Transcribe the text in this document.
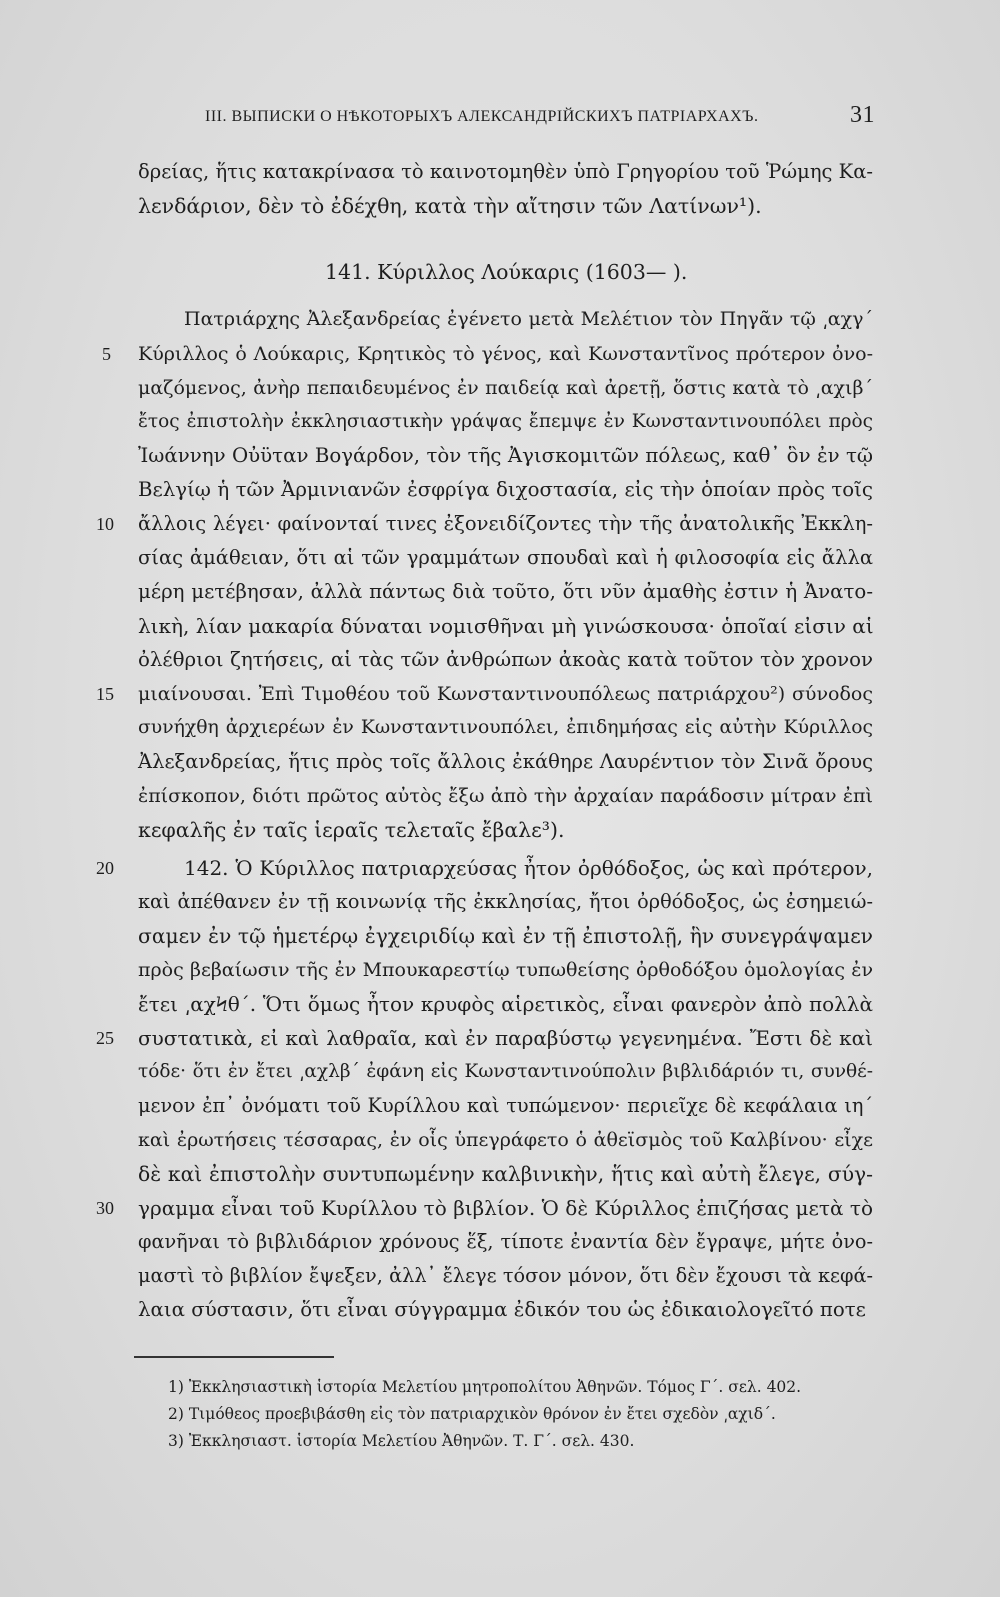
III. ВЫПИСКИ О НѢКОТОРЫХЪ АЛЕКСАНДРІЙСКИХЪ ПАТРІАРХАХЪ.	31
δρείας, ἥτις κατακρίνασα τὸ καινοτομηθὲν ὑπὸ Γρηγορίου τοῦ Ῥώμης Κα-
λενδάριον, δὲν τὸ ἐδέχθη, κατὰ τὴν αἴτησιν τῶν Λατίνων¹).
141. Κύριλλος Λούκαρις (1603— ).
Πατριάρχης Ἀλεξανδρείας ἐγένετο μετὰ Μελέτιον τὸν Πηγᾶν τῷ ͵αχγ΄
Κύριλλος ὁ Λούκαρις, Κρητικὸς τὸ γένος, καὶ Κωνσταντῖνος πρότερον ὀνο-
μαζόμενος, ἀνὴρ πεπαιδευμένος ἐν παιδείᾳ καὶ ἀρετῇ, ὅστις κατὰ τὸ ͵αχιβ΄
ἔτος ἐπιστολὴν ἐκκλησιαστικὴν γράψας ἔπεμψε ἐν Κωνσταντινουπόλει πρὸς
Ἰωάννην Οὐϋταν Βογάρδον, τὸν τῆς Ἀγισκομιτῶν πόλεως, καθ᾽ ὃν ἐν τῷ
Βελγίῳ ἡ τῶν Ἀρμινιανῶν ἐσφρίγα διχοστασία, εἰς τὴν ὁποίαν πρὸς τοῖς
ἄλλοις λέγει· φαίνονταί τινες ἐξονειδίζοντες τὴν τῆς ἀνατολικῆς Ἐκκλη-
σίας ἀμάθειαν, ὅτι αἱ τῶν γραμμάτων σπουδαὶ καὶ ἡ φιλοσοφία εἰς ἄλλα
μέρη μετέβησαν, ἀλλὰ πάντως διὰ τοῦτο, ὅτι νῦν ἀμαθὴς ἐστιν ἡ Ἀνατο-
λικὴ, λίαν μακαρία δύναται νομισθῆναι μὴ γινώσκουσα· ὁποῖαί εἰσιν αἱ
ὀλέθριοι ζητήσεις, αἱ τὰς τῶν ἀνθρώπων ἀκοὰς κατὰ τοῦτον τὸν χρονον
μιαίνουσαι. Ἐπὶ Τιμοθέου τοῦ Κωνσταντινουπόλεως πατριάρχου²) σύνοδος
συνήχθη ἀρχιερέων ἐν Κωνσταντινουπόλει, ἐπιδημήσας εἰς αὐτὴν Κύριλλος
Ἀλεξανδρείας, ἥτις πρὸς τοῖς ἄλλοις ἐκάθηρε Λαυρέντιον τὸν Σινᾶ ὄρους
ἐπίσκοπον, διότι πρῶτος αὐτὸς ἔξω ἀπὸ τὴν ἀρχαίαν παράδοσιν μίτραν ἐπὶ
κεφαλῆς ἐν ταῖς ἱεραῖς τελεταῖς ἔβαλε³).
142. Ὁ Κύριλλος πατριαρχεύσας ἦτον ὀρθόδοξος, ὡς καὶ πρότερον,
καὶ ἀπέθανεν ἐν τῇ κοινωνίᾳ τῆς ἐκκλησίας, ἤτοι ὀρθόδοξος, ὡς ἐσημειώ-
σαμεν ἐν τῷ ἡμετέρῳ ἐγχειριδίῳ καὶ ἐν τῇ ἐπιστολῇ, ἣν συνεγράψαμεν
πρὸς βεβαίωσιν τῆς ἐν Μπουκαρεστίῳ τυπωθείσης ὀρθοδόξου ὁμολογίας ἐν
ἔτει ͵αχϞθ΄. Ὅτι ὅμως ἦτον κρυφὸς αἱρετικὸς, εἶναι φανερὸν ἀπὸ πολλὰ
συστατικὰ, εἰ καὶ λαθραῖα, καὶ ἐν παραβύστῳ γεγενημένα. Ἔστι δὲ καὶ
τόδε· ὅτι ἐν ἔτει ͵αχλβ΄ ἐφάνη εἰς Κωνσταντινούπολιν βιβλιδάριόν τι, συνθέ-
μενον ἐπ᾽ ὀνόματι τοῦ Κυρίλλου καὶ τυπώμενον· περιεῖχε δὲ κεφάλαια ιη΄
καὶ ἐρωτήσεις τέσσαρας, ἐν οἷς ὑπεγράφετο ὁ ἀθεϊσμὸς τοῦ Καλβίνου· εἶχε
δὲ καὶ ἐπιστολὴν συντυπωμένην καλβινικὴν, ἥτις καὶ αὐτὴ ἔλεγε, σύγ-
γραμμα εἶναι τοῦ Κυρίλλου τὸ βιβλίον. Ὁ δὲ Κύριλλος ἐπιζήσας μετὰ τὸ
φανῆναι τὸ βιβλιδάριον χρόνους ἕξ, τίποτε ἐναντία δὲν ἔγραψε, μήτε ὀνο-
μαστὶ τὸ βιβλίον ἔψεξεν, ἀλλ᾽ ἔλεγε τόσον μόνον, ὅτι δὲν ἔχουσι τὰ κεφά-
λαια σύστασιν, ὅτι εἶναι σύγγραμμα ἐδικόν του ὡς ἐδικαιολογεῖτό ποτε
5
10
15
20
25
30
1) Ἐκκλησιαστικὴ ἱστορία Μελετίου μητροπολίτου Ἀθηνῶν. Τόμος Γ΄. σελ. 402.
2) Τιμόθεος προεβιβάσθη εἰς τὸν πατριαρχικὸν θρόνον ἐν ἔτει σχεδὸν ͵αχιδ΄.
3) Ἐκκλησιαστ. ἱστορία Μελετίου Ἀθηνῶν. Τ. Γ΄. σελ. 430.
